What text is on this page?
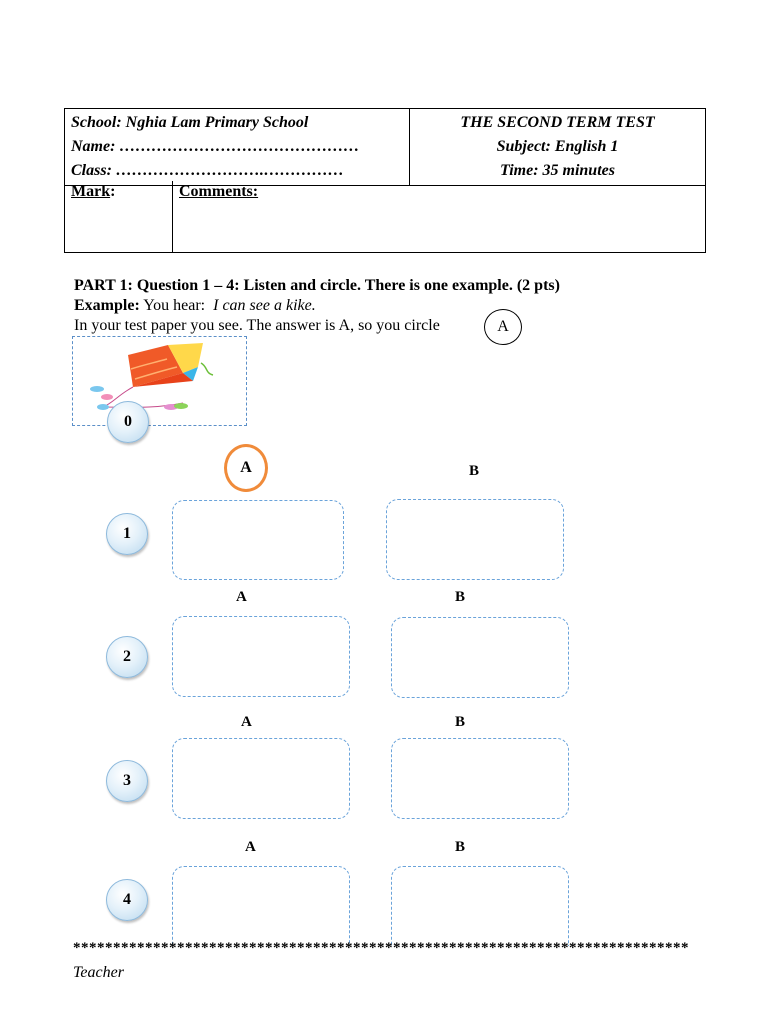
School: Nghia Lam Primary School
Name: ………………………………………
Class: ……………………….……………

THE SECOND TERM TEST
Subject: English 1
Time: 35 minutes
Mark:	Comments:
PART 1: Question 1 – 4: Listen and circle. There is one example. (2 pts)
Example: You hear: I can see a kike.
In your test paper you see. The answer is A, so you circle	A
0
A	B
1
A	B
2
A	B
3
A	B
4
*****************************************************************************
Teacher
